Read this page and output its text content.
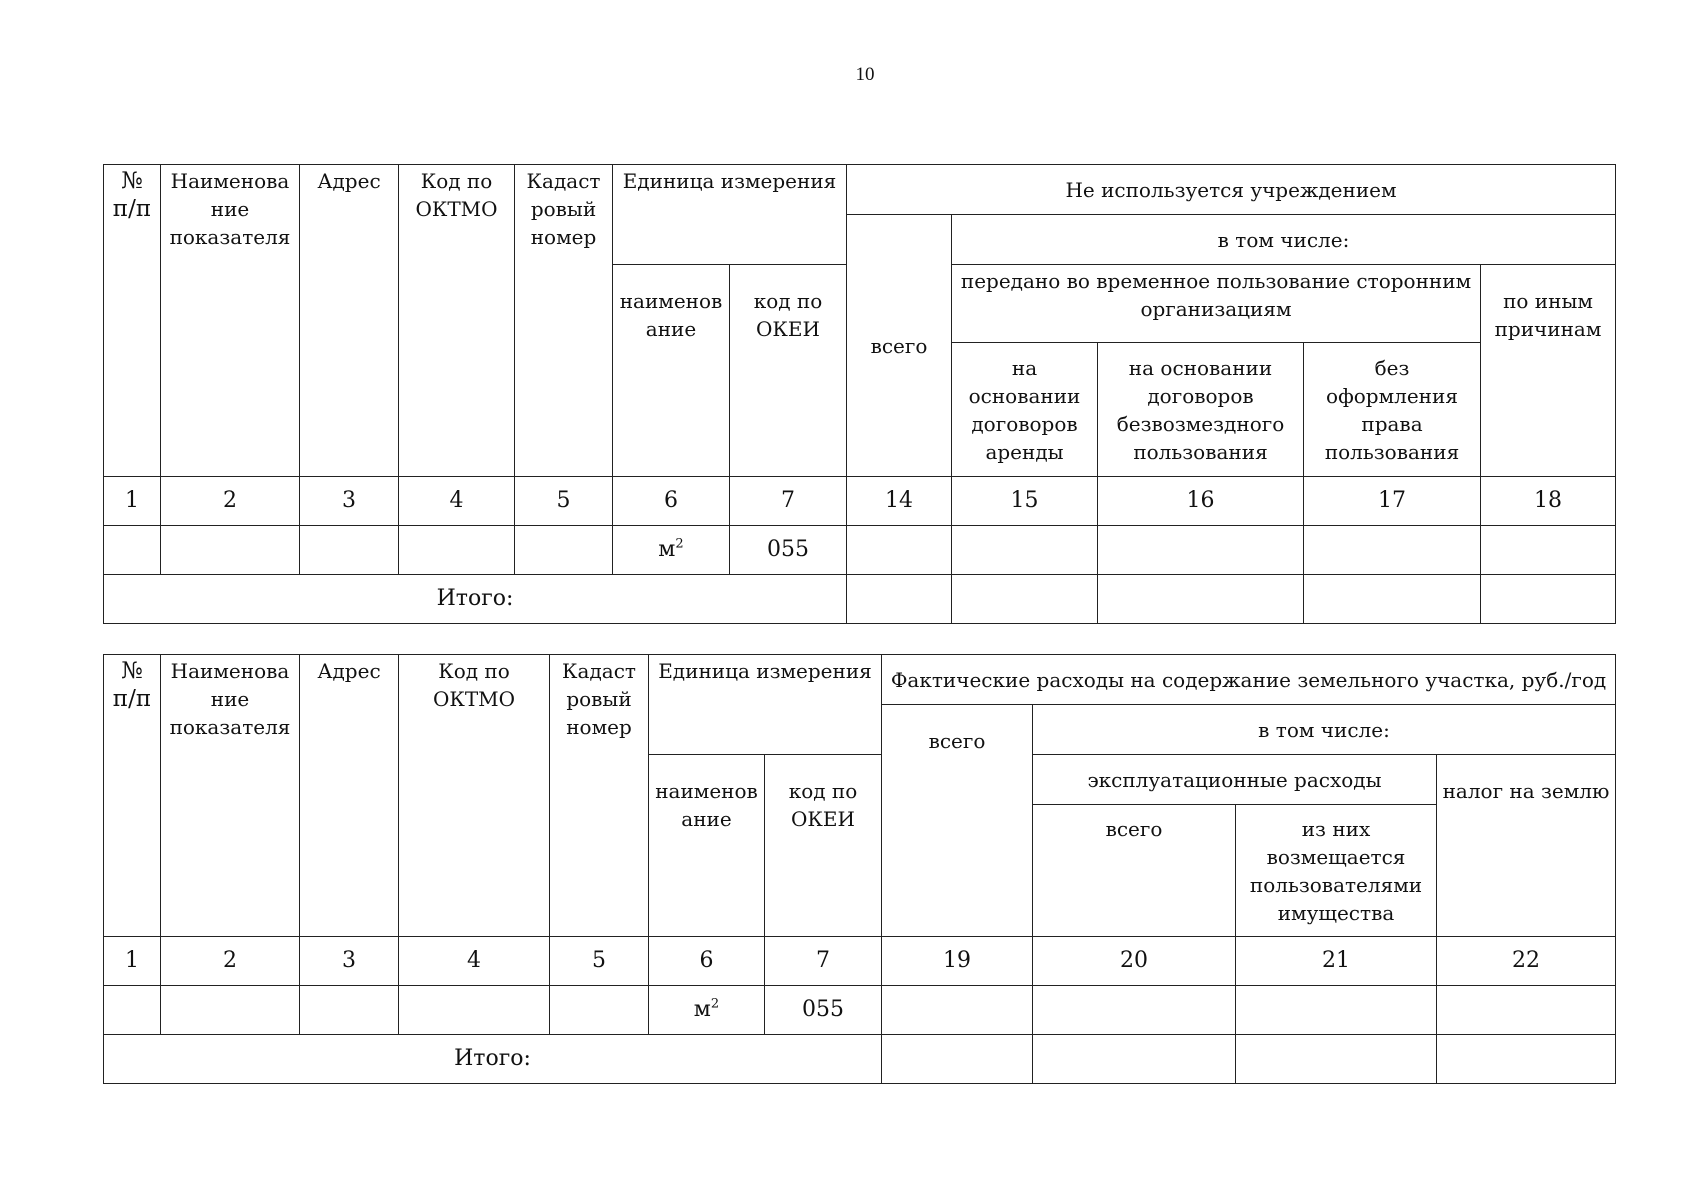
10
№ п/п	Наименова ние показателя	Адрес	Код по ОКТМО	Кадаст ровый номер	Единица измерения		Не используется учреждением				
							всего	в том числе:			
					наименов ание	код по ОКЕИ		передано во временное пользование сторонним организациям			по иным причинам
								на основании договоров аренды	на основании договоров безвозмездного пользования	без оформления права пользования	

1	2	3	4	5	6	7	14	15	16	17	18
					$м^2$	055					
Итого:											
№ п/п	Наименова ние показателя	Адрес	Код по ОКТМО	Кадаст ровый номер	Единица измерения		Фактические расходы на содержание земельного участка, руб./год			
							всего	в том числе:		
					наименов ание	код по ОКЕИ		эксплуатационные расходы		налог на землю
								всего	из них возмещается пользователями имущества	
1	2	3	4	5	6	7	19	20	21	22
					$м^2$	055				
Итого:										
